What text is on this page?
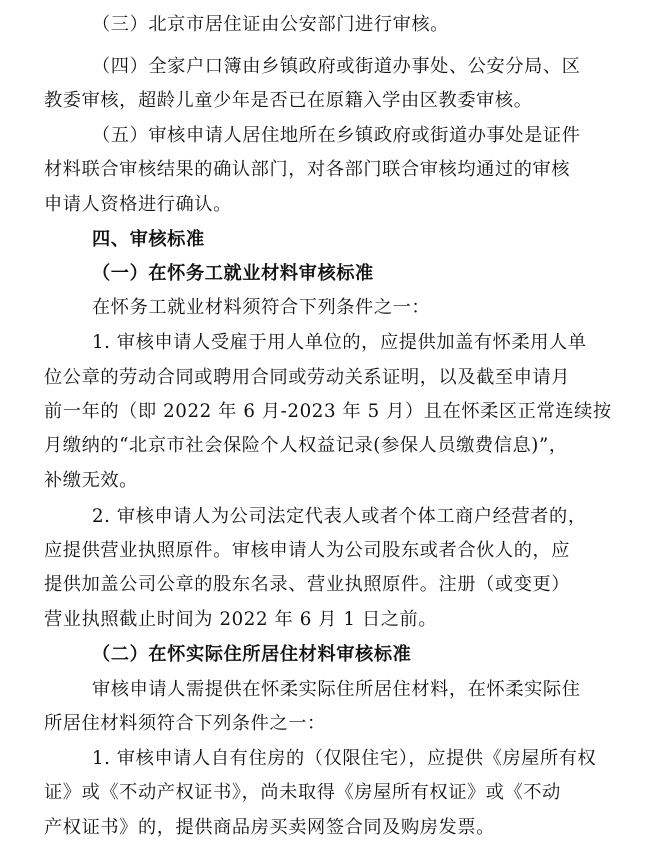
（三）北京市居住证由公安部门进行审核。
（四）全家户口簿由乡镇政府或街道办事处、公安分局、区
教委审核，超龄儿童少年是否已在原籍入学由区教委审核。
（五）审核申请人居住地所在乡镇政府或街道办事处是证件
材料联合审核结果的确认部门，对各部门联合审核均通过的审核
申请人资格进行确认。
四、审核标准
（一）在怀务工就业材料审核标准
在怀务工就业材料须符合下列条件之一：
1. 审核申请人受雇于用人单位的，应提供加盖有怀柔用人单
位公章的劳动合同或聘用合同或劳动关系证明，以及截至申请月
前一年的（即 2022 年 6 月-2023 年 5 月）且在怀柔区正常连续按
月缴纳的“北京市社会保险个人权益记录(参保人员缴费信息)”，
补缴无效。
2. 审核申请人为公司法定代表人或者个体工商户经营者的，
应提供营业执照原件。审核申请人为公司股东或者合伙人的，应
提供加盖公司公章的股东名录、营业执照原件。注册（或变更）
营业执照截止时间为 2022 年 6 月 1 日之前。
（二）在怀实际住所居住材料审核标准
审核申请人需提供在怀柔实际住所居住材料，在怀柔实际住
所居住材料须符合下列条件之一：
1. 审核申请人自有住房的（仅限住宅），应提供《房屋所有权
证》或《不动产权证书》，尚未取得《房屋所有权证》或《不动
产权证书》的，提供商品房买卖网签合同及购房发票。
